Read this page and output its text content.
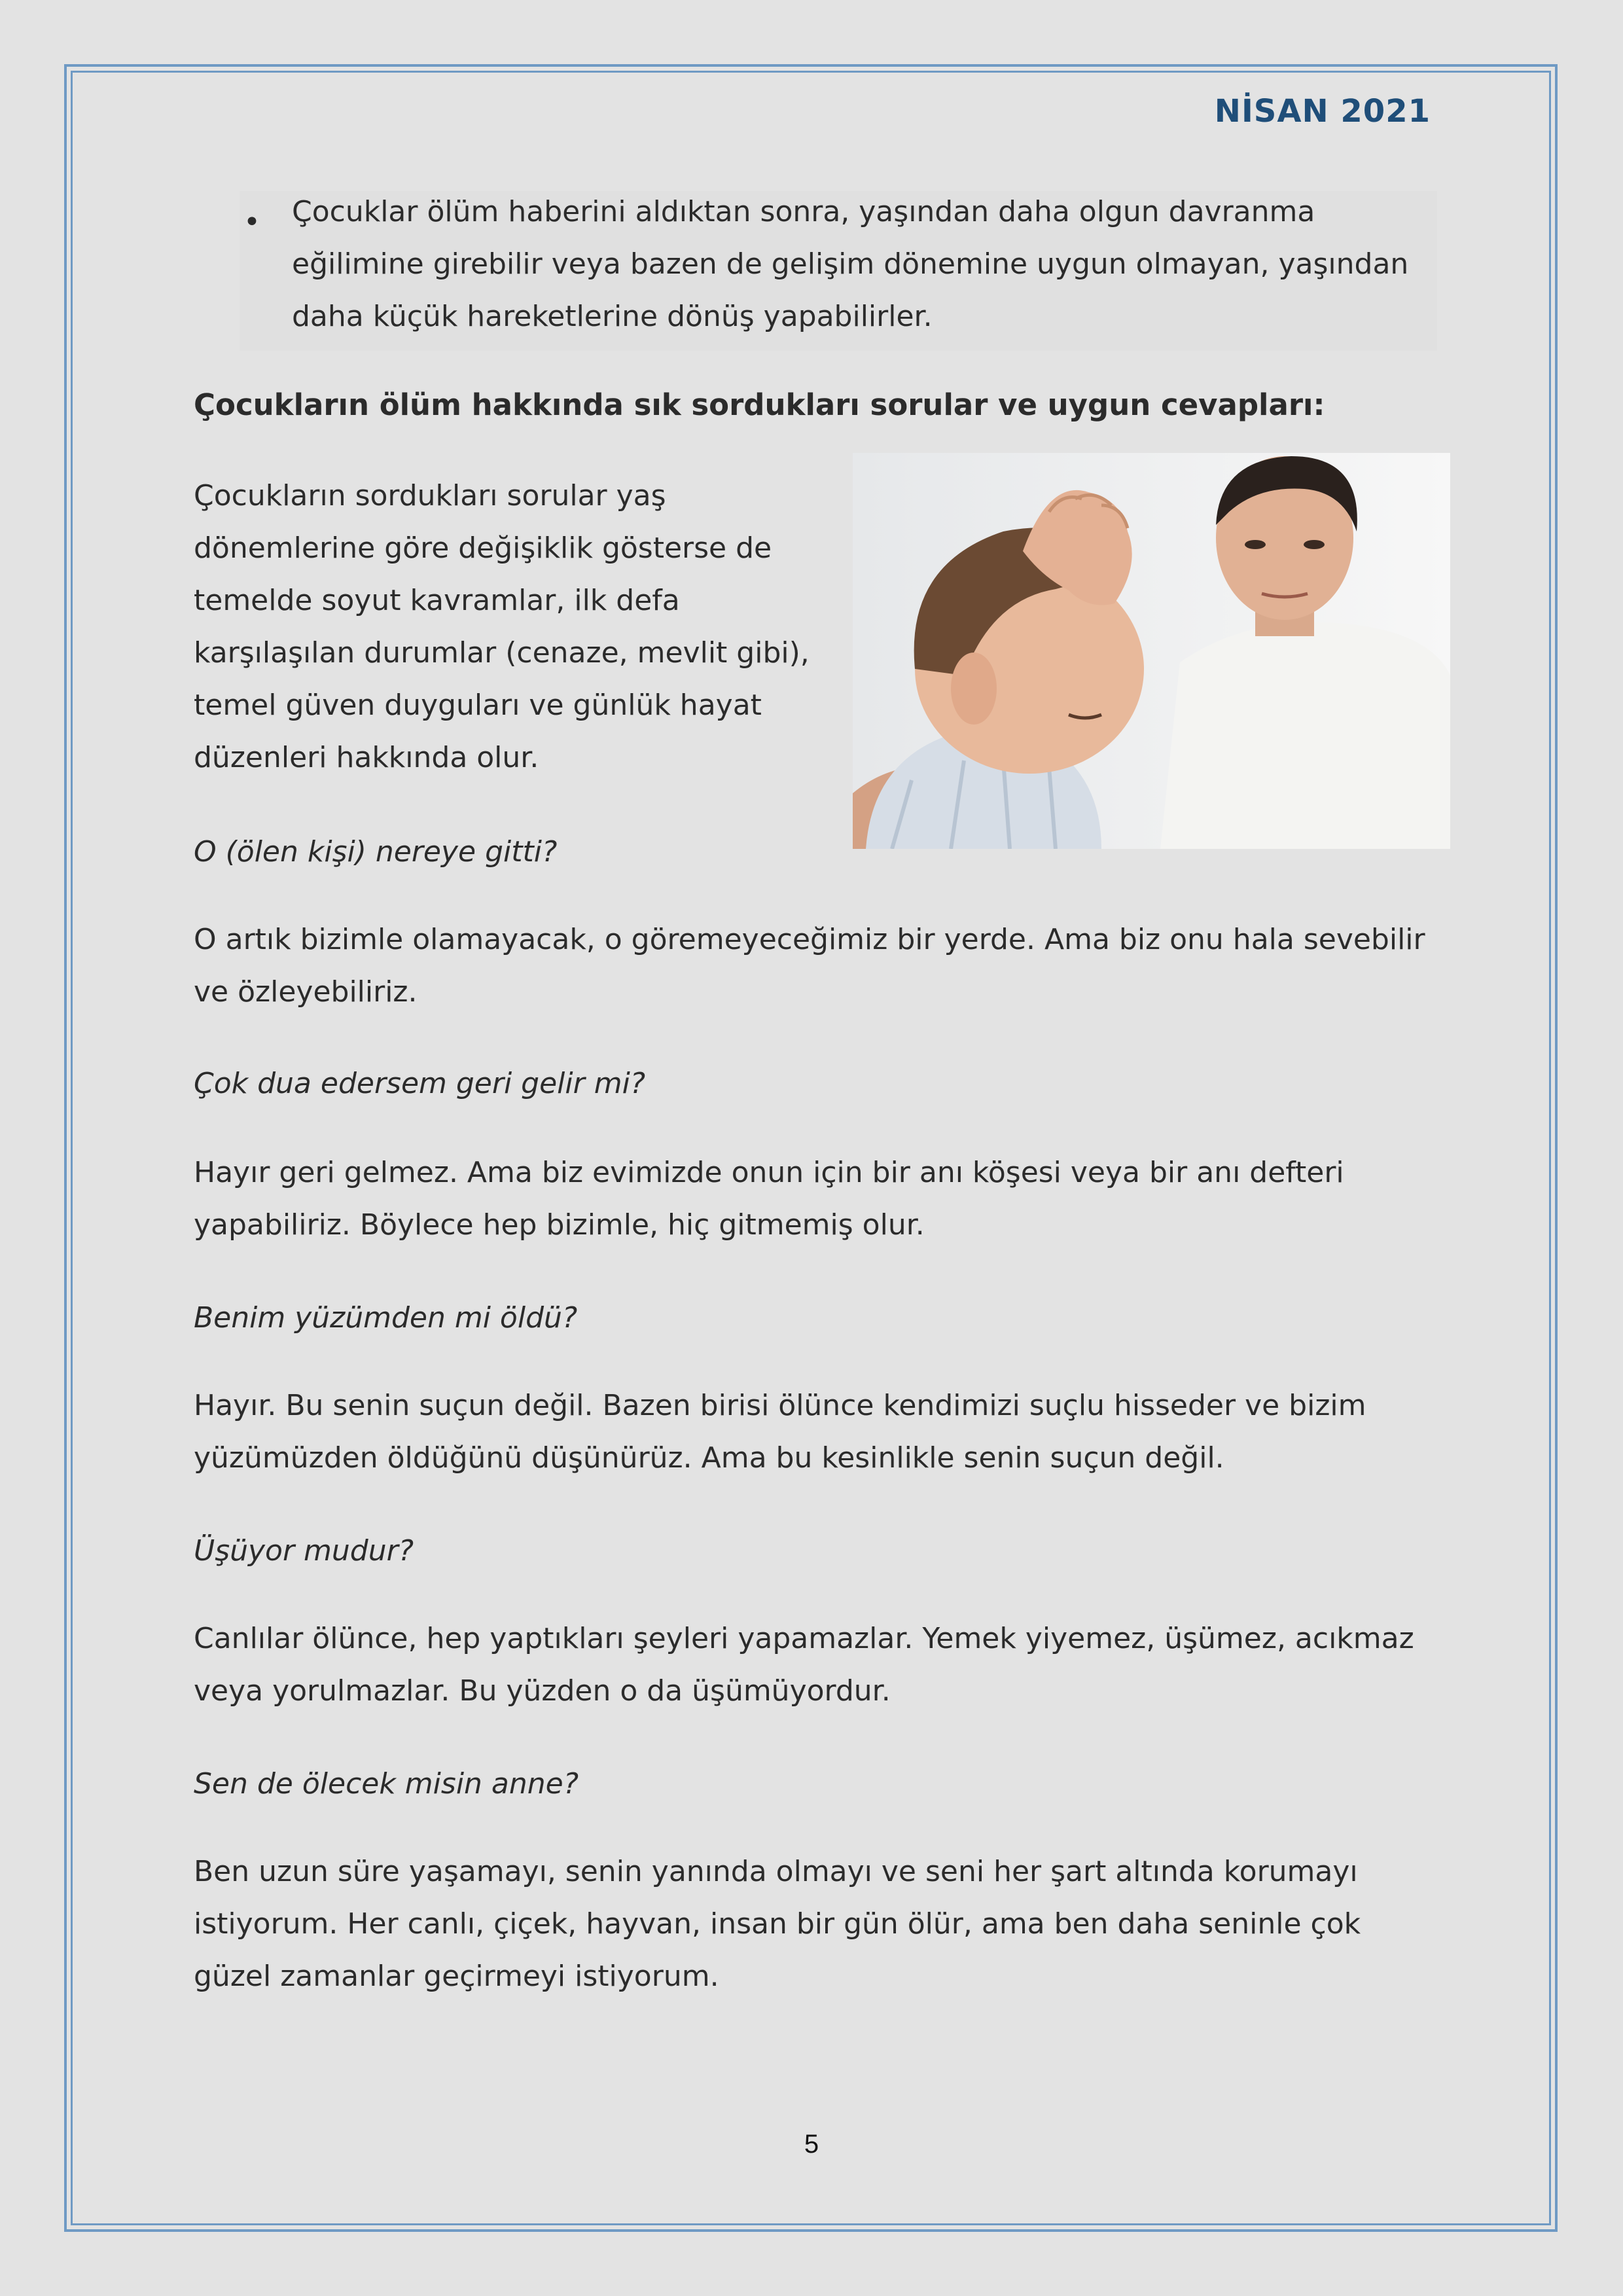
NİSAN 2021
• Çocuklar ölüm haberini aldıktan sonra, yaşından daha olgun davranma eğilimine girebilir veya bazen de gelişim dönemine uygun olmayan, yaşından daha küçük hareketlerine dönüş yapabilirler.
Çocukların ölüm hakkında sık sordukları sorular ve uygun cevapları:
Çocukların sordukları sorular yaş dönemlerine göre değişiklik gösterse de temelde soyut kavramlar, ilk defa karşılaşılan durumlar (cenaze, mevlit gibi), temel güven duyguları ve günlük hayat düzenleri hakkında olur.
O (ölen kişi) nereye gitti?
O artık bizimle olamayacak, o göremeyeceğimiz bir yerde. Ama biz onu hala sevebilir ve özleyebiliriz.
Çok dua edersem geri gelir mi?
Hayır geri gelmez. Ama biz evimizde onun için bir anı köşesi veya bir anı defteri yapabiliriz. Böylece hep bizimle, hiç gitmemiş olur.
Benim yüzümden mi öldü?
Hayır. Bu senin suçun değil. Bazen birisi ölünce kendimizi suçlu hisseder ve bizim yüzümüzden öldüğünü düşünürüz. Ama bu kesinlikle senin suçun değil.
Üşüyor mudur?
Canlılar ölünce, hep yaptıkları şeyleri yapamazlar. Yemek yiyemez, üşümez, acıkmaz veya yorulmazlar. Bu yüzden o da üşümüyordur.
Sen de ölecek misin anne?
Ben uzun süre yaşamayı, senin yanında olmayı ve seni her şart altında korumayı istiyorum. Her canlı, çiçek, hayvan, insan bir gün ölür, ama ben daha seninle çok güzel zamanlar geçirmeyi istiyorum.
5
